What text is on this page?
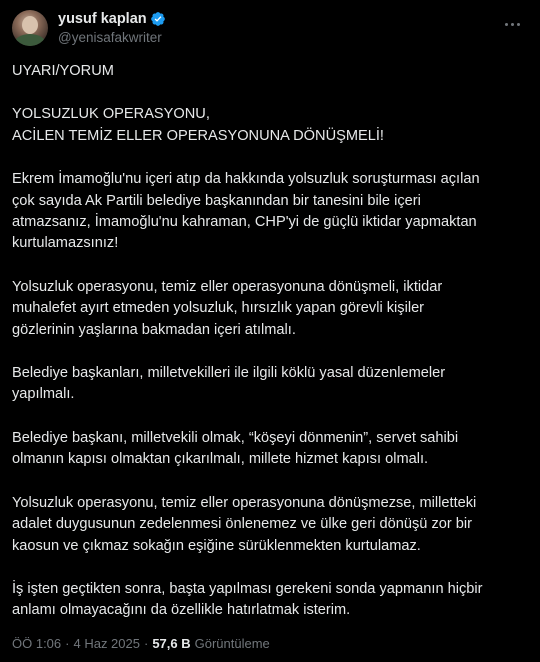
yusuf kaplan
@yenisafakwriter

UYARI/YORUM

YOLSUZLUK OPERASYONU,
ACİLEN TEMİZ ELLER OPERASYONUNA DÖNÜŞMELİ!

Ekrem İmamoğlu'nu içeri atıp da hakkında yolsuzluk soruşturması açılan
çok sayıda Ak Partili belediye başkanından bir tanesini bile içeri
atmazsanız, İmamoğlu'nu kahraman, CHP'yi de güçlü iktidar yapmaktan
kurtulamazsınız!

Yolsuzluk operasyonu, temiz eller operasyonuna dönüşmeli, iktidar
muhalefet ayırt etmeden yolsuzluk, hırsızlık yapan görevli kişiler
gözlerinin yaşlarına bakmadan içeri atılmalı.

Belediye başkanları, milletvekilleri ile ilgili köklü yasal düzenlemeler
yapılmalı.

Belediye başkanı, milletvekili olmak, “köşeyi dönmenin”, servet sahibi
olmanın kapısı olmaktan çıkarılmalı, millete hizmet kapısı olmalı.

Yolsuzluk operasyonu, temiz eller operasyonuna dönüşmezse, milletteki
adalet duygusunun zedelenmesi önlenemez ve ülke geri dönüşü zor bir
kaosun ve çıkmaz sokağın eşiğine sürüklenmekten kurtulamaz.

İş işten geçtikten sonra, başta yapılması gerekeni sonda yapmanın hiçbir
anlamı olmayacağını da özellikle hatırlatmak isterim.

ÖÖ 1:06 · 4 Haz 2025 · 57,6 B Görüntüleme
